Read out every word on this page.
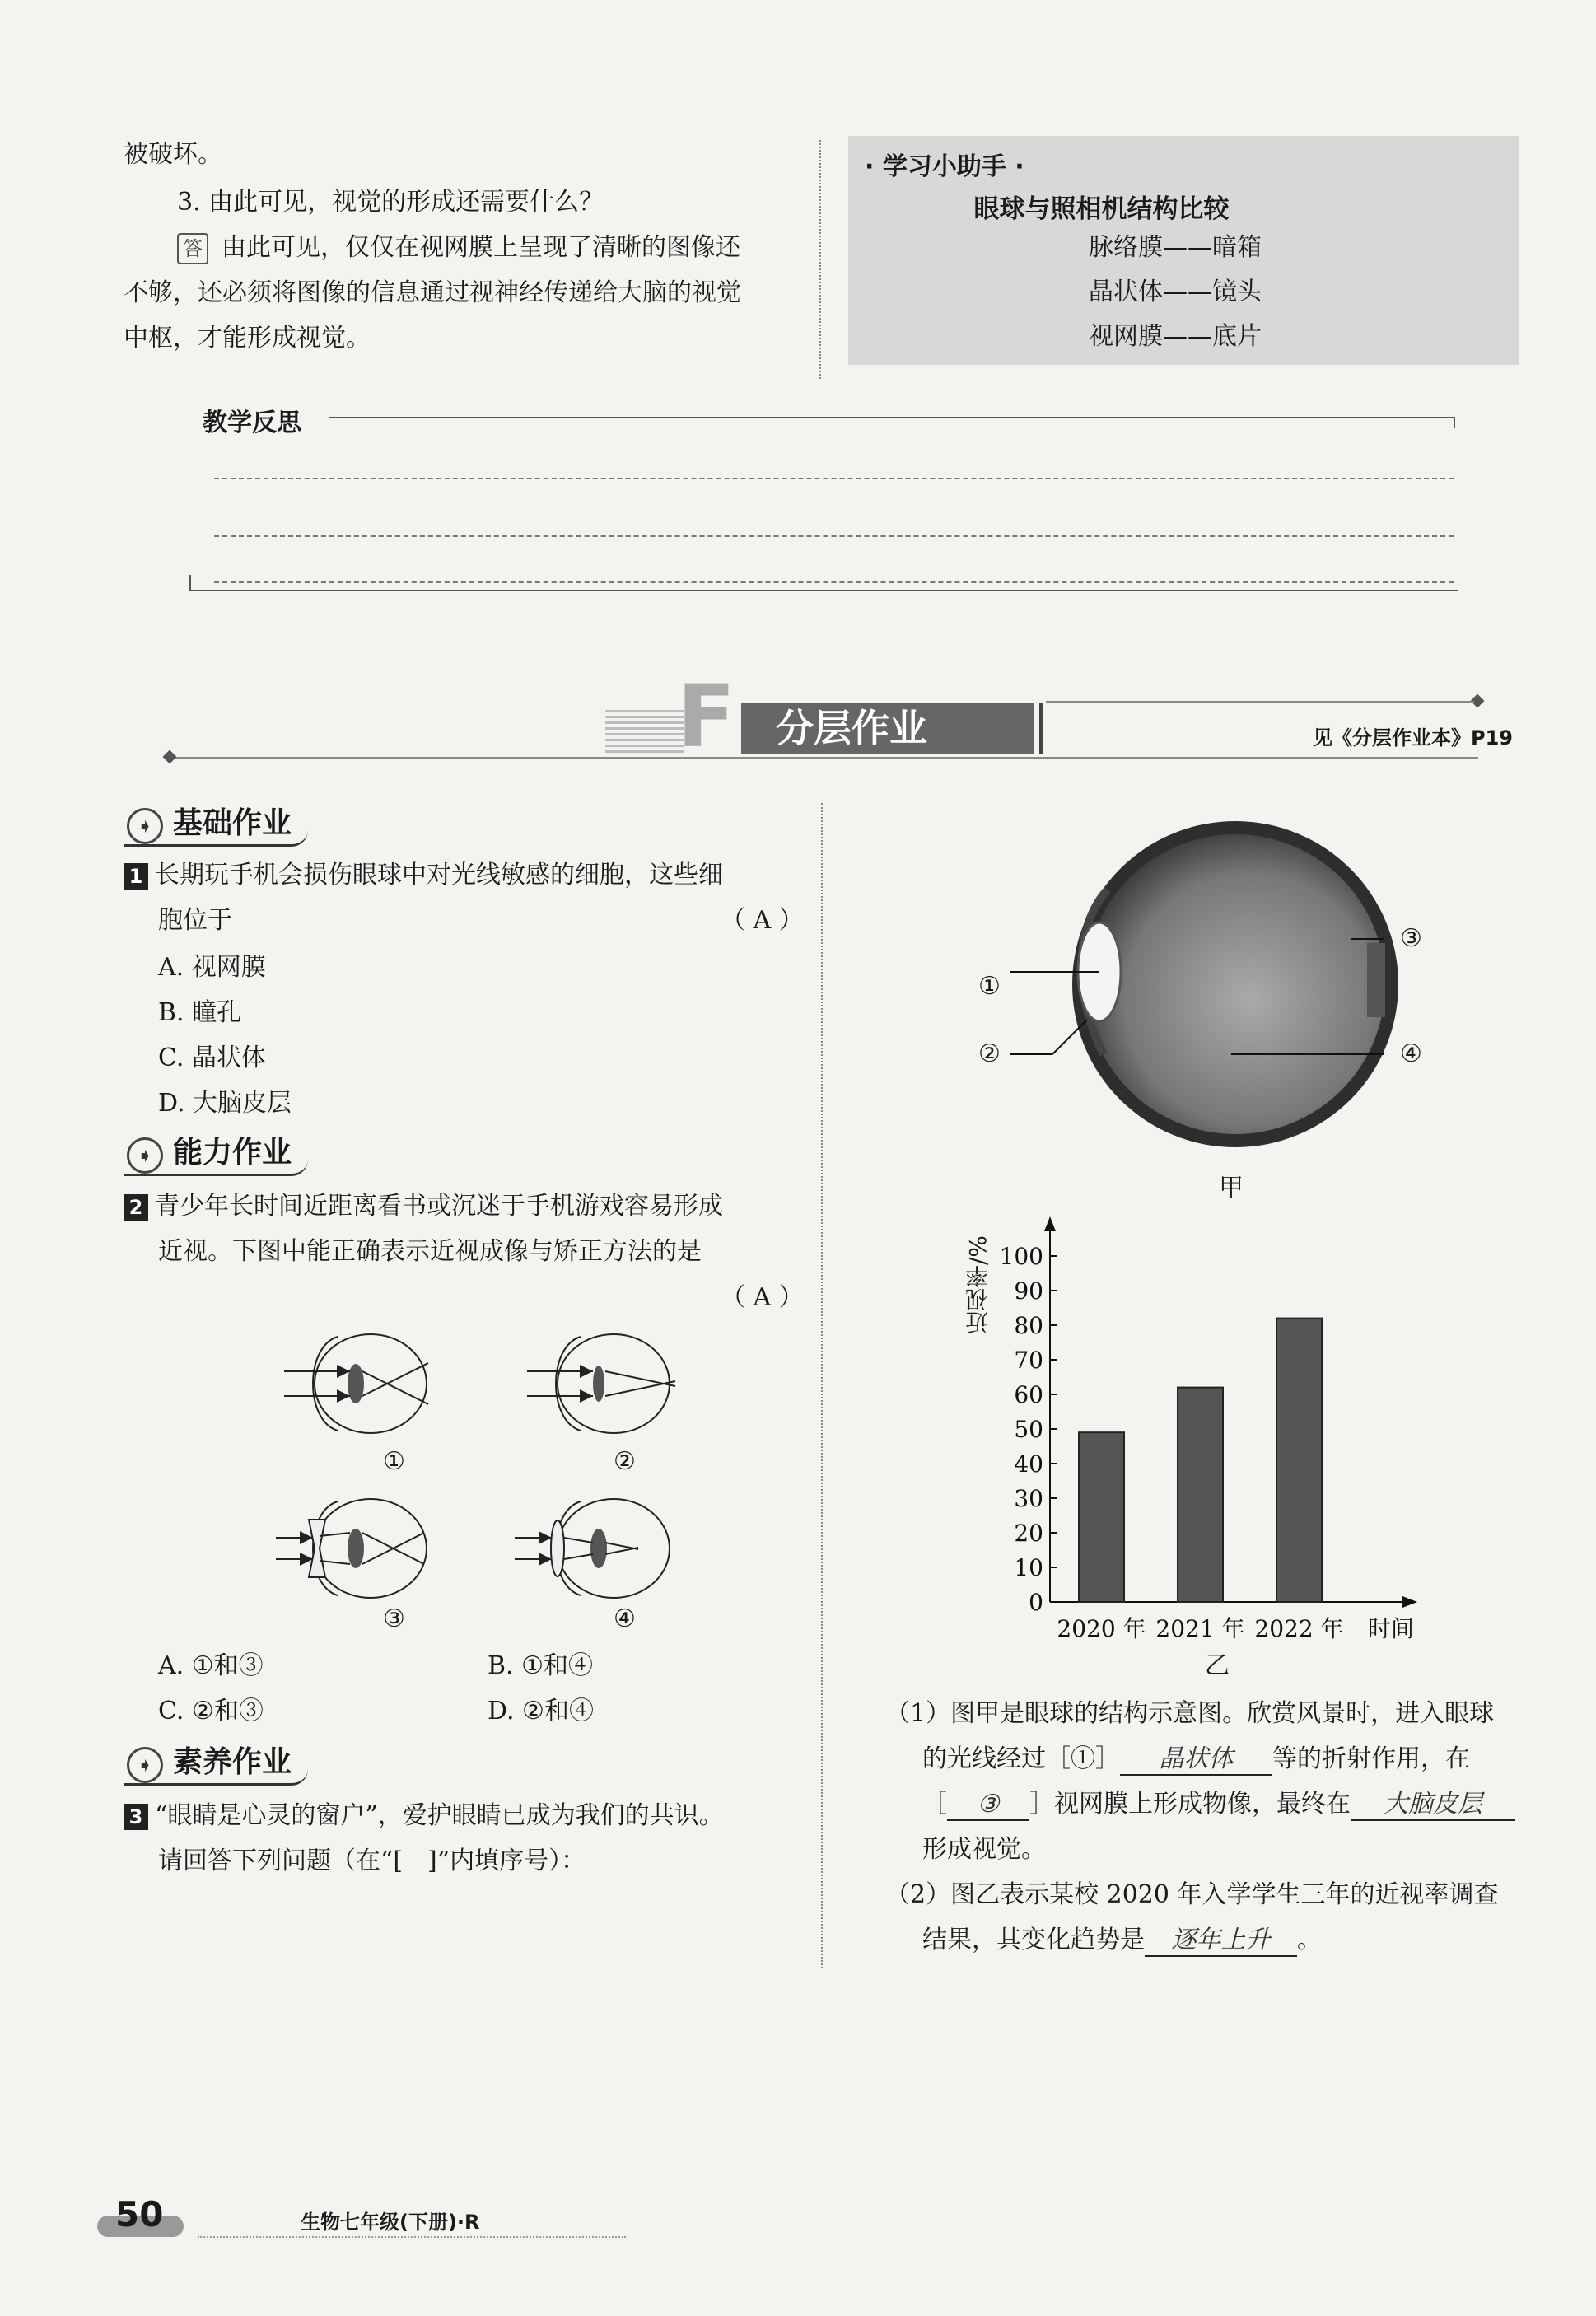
被破坏。
3. 由此可见，视觉的形成还需要什么？
答 由此可见，仅仅在视网膜上呈现了清晰的图像还
不够，还必须将图像的信息通过视神经传递给大脑的视觉
中枢，才能形成视觉。
· 学习小助手 ·
眼球与照相机结构比较
脉络膜——暗箱
晶状体——镜头
视网膜——底片
教学反思
F 分层作业	见《分层作业本》P19
➧ 基础作业
1 长期玩手机会损伤眼球中对光线敏感的细胞，这些细
胞位于	（ A ）
A. 视网膜
B. 瞳孔
C. 晶状体
D. 大脑皮层
➧ 能力作业
2 青少年长时间近距离看书或沉迷于手机游戏容易形成
近视。下图中能正确表示近视成像与矫正方法的是
（ A ）
①	②
③	④
A. ①和③	B. ①和④
C. ②和③	D. ②和④
➧ 素养作业
3 “眼睛是心灵的窗户”，爱护眼睛已成为我们的共识。
请回答下列问题（在“[　]”内填序号）：
①
②
③
④
甲
0
10
20
30
40
50
60
70
80
90
100
2020 年 2021 年 2022 年 时间
近视率/%
乙
（1）图甲是眼球的结构示意图。欣赏风景时，进入眼球
的光线经过［①］ 晶状体 等的折射作用，在
［ ③ ］视网膜上形成物像，最终在 大脑皮层
形成视觉。
（2）图乙表示某校 2020 年入学学生三年的近视率调查
结果，其变化趋势是 逐年上升 。
50	生物七年级(下册)·R
